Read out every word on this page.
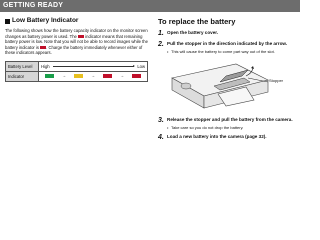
GETTING READY
Low Battery Indicator
The following shows how the battery capacity indicator on the monitor screen changes as battery power is used. The  indicator means that remaining battery power is low. Note that you will not be able to record images while the battery indicator is . Charge the battery immediately whenever either of these indicators appears.
Battery Level	High Low

Indicator	→ → →
To replace the battery
1. Open the battery cover.
2. Pull the stopper in the direction indicated by the arrow.
• This will cause the battery to come part way out of the slot.
Stopper
3. Release the stopper and pull the battery from the camera.
• Take care so you do not drop the battery.
4. Load a new battery into the camera (page 32).
